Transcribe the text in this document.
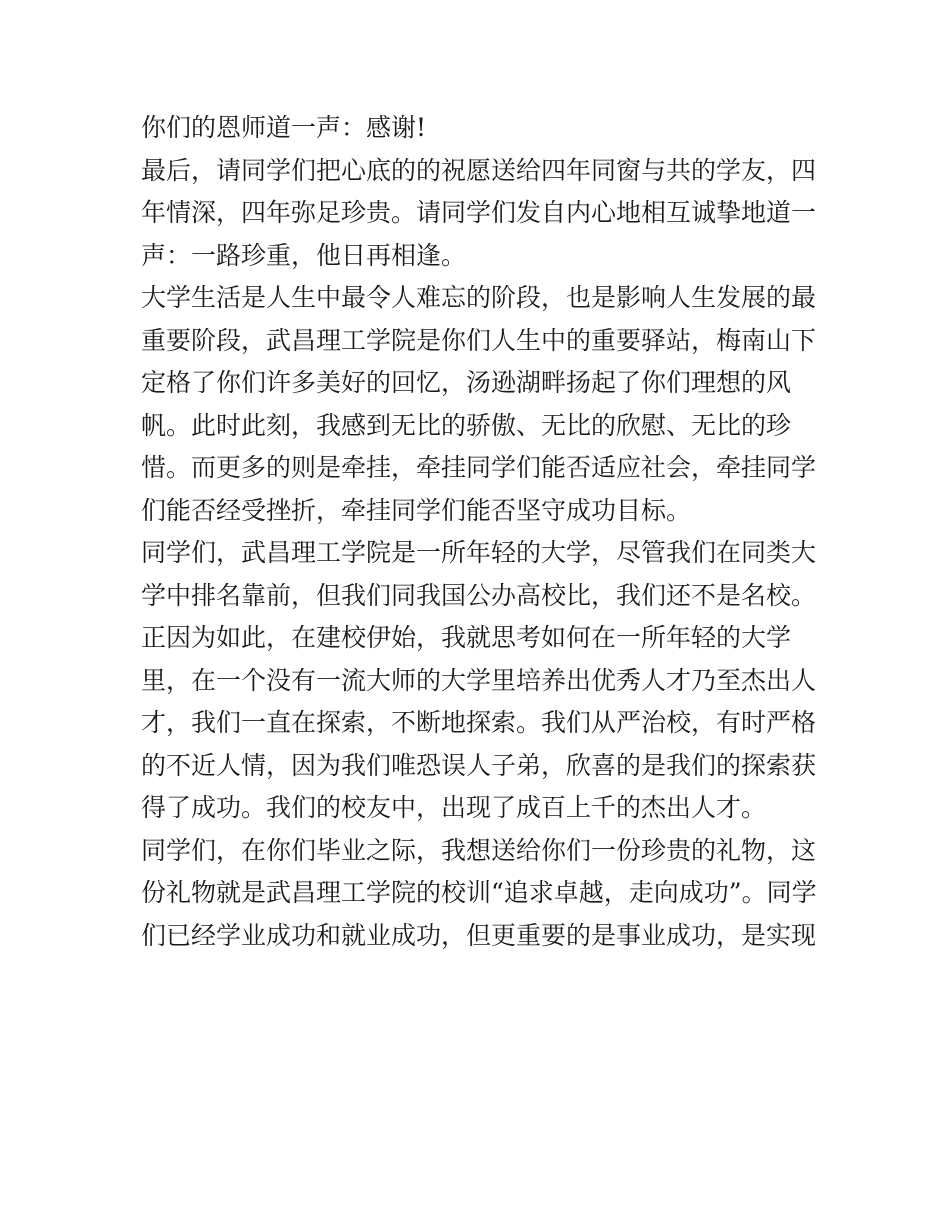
你们的恩师道一声：感谢!
最后，请同学们把心底的的祝愿送给四年同窗与共的学友，四
年情深，四年弥足珍贵。请同学们发自内心地相互诚挚地道一
声：一路珍重，他日再相逢。
大学生活是人生中最令人难忘的阶段，也是影响人生发展的最
重要阶段，武昌理工学院是你们人生中的重要驿站，梅南山下
定格了你们许多美好的回忆，汤逊湖畔扬起了你们理想的风
帆。此时此刻，我感到无比的骄傲、无比的欣慰、无比的珍
惜。而更多的则是牵挂，牵挂同学们能否适应社会，牵挂同学
们能否经受挫折，牵挂同学们能否坚守成功目标。
同学们，武昌理工学院是一所年轻的大学，尽管我们在同类大
学中排名靠前，但我们同我国公办高校比，我们还不是名校。
正因为如此，在建校伊始，我就思考如何在一所年轻的大学
里，在一个没有一流大师的大学里培养出优秀人才乃至杰出人
才，我们一直在探索，不断地探索。我们从严治校，有时严格
的不近人情，因为我们唯恐误人子弟，欣喜的是我们的探索获
得了成功。我们的校友中，出现了成百上千的杰出人才。
同学们，在你们毕业之际，我想送给你们一份珍贵的礼物，这
份礼物就是武昌理工学院的校训“追求卓越，走向成功”。同学
们已经学业成功和就业成功，但更重要的是事业成功，是实现
